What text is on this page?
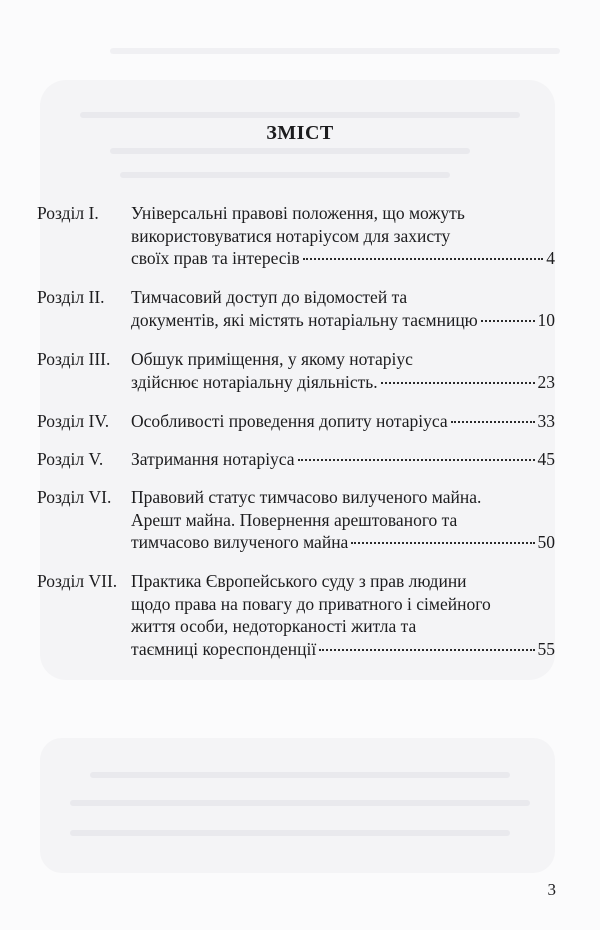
ЗМІСТ
Розділ I.	Універсальні правові положення, що можуть
використовуватися нотаріусом для захисту
своїх прав та інтересів	4
Розділ II.	Тимчасовий доступ до відомостей та
документів, які містять нотаріальну таємницю	10
Розділ III.	Обшук приміщення, у якому нотаріус
здійснює нотаріальну діяльність.	23
Розділ IV.	Особливості проведення допиту нотаріуса	33
Розділ V.	Затримання нотаріуса	45
Розділ VI.	Правовий статус тимчасово вилученого майна.
Арешт майна. Повернення арештованого та
тимчасово вилученого майна	50
Розділ VII. Практика Європейського суду з прав людини
щодо права на повагу до приватного і сімейного
життя особи, недоторканості житла та
таємниці кореспонденції	55
3
